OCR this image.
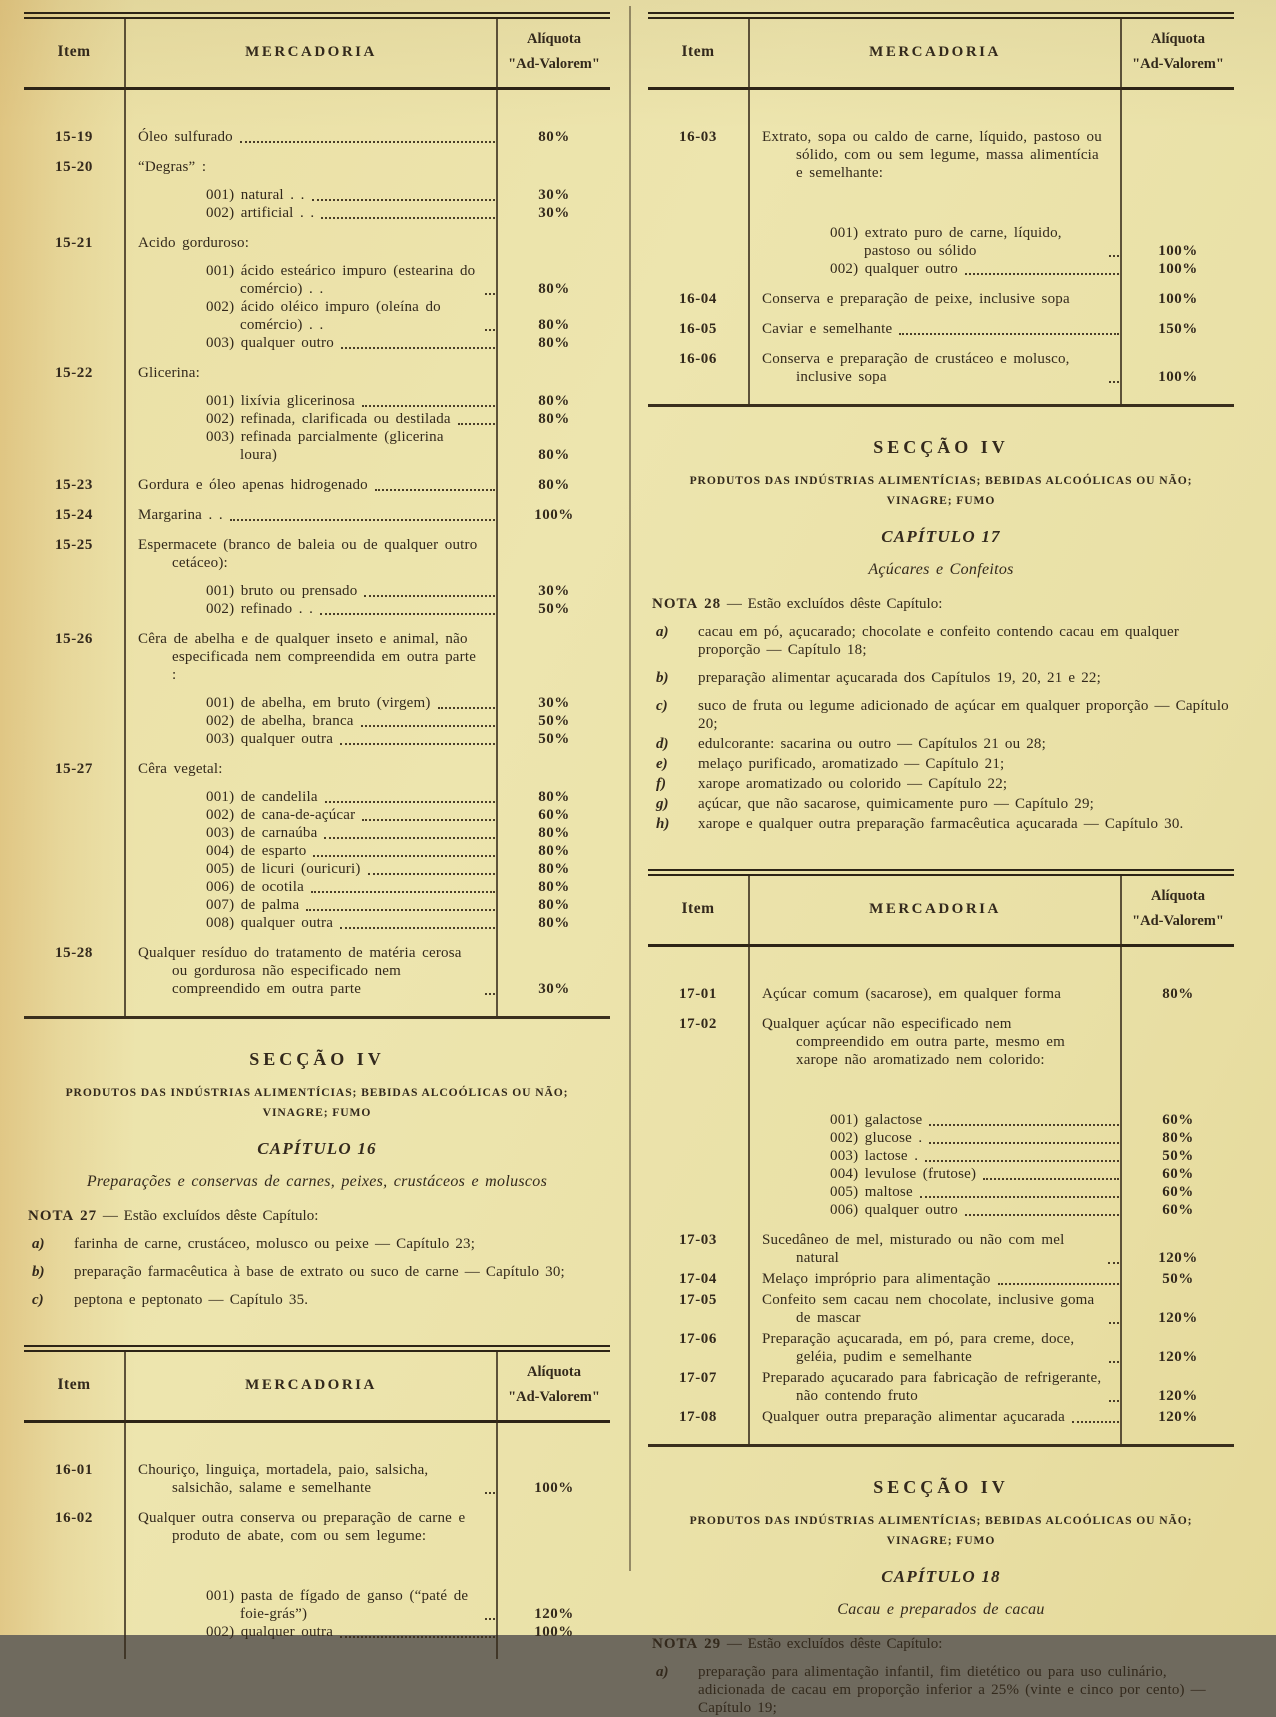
Item	MERCADORIA
Alíquota
"Ad-Valorem"
15-19	Óleo sulfurado	80%
15-20	“Degras” :
001) natural . .	30%
002) artificial . .	30%
15-21	Acido gorduroso:
001) ácido esteárico impuro (estearina do comércio) . .	80%
002) ácido oléico impuro (oleína do comércio) . .	80%
003) qualquer outro	80%
15-22	Glicerina:
001) lixívia glicerinosa	80%
002) refinada, clarificada ou destilada	80%
003) refinada parcialmente (glicerina loura)	80%
15-23	Gordura e óleo apenas hidrogenado	80%
15-24	Margarina . .	100%
15-25	Espermacete (branco de baleia ou de qualquer outro cetáceo):
001) bruto ou prensado	30%
002) refinado . .	50%
15-26	Cêra de abelha e de qualquer inseto e animal, não especificada nem compreendida em outra parte :
001) de abelha, em bruto (virgem)	30%
002) de abelha, branca	50%
003) qualquer outra	50%
15-27	Cêra vegetal:
001) de candelila	80%
002) de cana-de-açúcar	60%
003) de carnaúba	80%
004) de esparto	80%
005) de licuri (ouricuri)	80%
006) de ocotila	80%
007) de palma	80%
008) qualquer outra	80%
15-28	Qualquer resíduo do tratamento de matéria cerosa ou gordurosa não especificado nem compreendido em outra parte	30%
SECÇÃO IV
PRODUTOS DAS INDÚSTRIAS ALIMENTÍCIAS; BEBIDAS ALCOÓLICAS OU NÃO;
VINAGRE; FUMO
CAPÍTULO 16
Preparações e conservas de carnes, peixes, crustáceos e moluscos
NOTA 27 — Estão excluídos dêste Capítulo:
a)	farinha de carne, crustáceo, molusco ou peixe — Capítulo 23;
b)	preparação farmacêutica à base de extrato ou suco de carne — Capítulo 30;
c)	peptona e peptonato — Capítulo 35.
Item	MERCADORIA
Alíquota
"Ad-Valorem"
16-01	Chouriço, linguiça, mortadela, paio, salsicha, salsichão, salame e semelhante	100%
16-02	Qualquer outra conserva ou preparação de carne e produto de abate, com ou sem legume:
001) pasta de fígado de ganso (“paté de foie-grás”)	120%
002) qualquer outra	100%
Item	MERCADORIA
Alíquota
"Ad-Valorem"
16-03	Extrato, sopa ou caldo de carne, líquido, pastoso ou sólido, com ou sem legume, massa alimentícia e semelhante:
001) extrato puro de carne, líquido, pastoso ou sólido	100%
002) qualquer outro	100%
16-04	Conserva e preparação de peixe, inclusive sopa	100%
16-05	Caviar e semelhante	150%
16-06	Conserva e preparação de crustáceo e molusco, inclusive sopa	100%
SECÇÃO IV
PRODUTOS DAS INDÚSTRIAS ALIMENTÍCIAS; BEBIDAS ALCOÓLICAS OU NÃO;
VINAGRE; FUMO
CAPÍTULO 17
Açúcares e Confeitos
NOTA 28 — Estão excluídos dêste Capítulo:
a)	cacau em pó, açucarado; chocolate e confeito contendo cacau em qualquer proporção — Capítulo 18;
b)	preparação alimentar açucarada dos Capítulos 19, 20, 21 e 22;
c)	suco de fruta ou legume adicionado de açúcar em qualquer proporção — Capítulo 20;
d)	edulcorante: sacarina ou outro — Capítulos 21 ou 28;
e)	melaço purificado, aromatizado — Capítulo 21;
f)	xarope aromatizado ou colorido — Capítulo 22;
g)	açúcar, que não sacarose, quimicamente puro — Capítulo 29;
h)	xarope e qualquer outra preparação farmacêutica açucarada — Capítulo 30.
Item	MERCADORIA
Alíquota
"Ad-Valorem"
17-01	Açúcar comum (sacarose), em qualquer forma	80%
17-02	Qualquer açúcar não especificado nem compreendido em outra parte, mesmo em xarope não aromatizado nem colorido:
001) galactose	60%
002) glucose .	80%
003) lactose .	50%
004) levulose (frutose)	60%
005) maltose	60%
006) qualquer outro	60%
17-03	Sucedâneo de mel, misturado ou não com mel natural	120%
17-04	Melaço impróprio para alimentação	50%
17-05	Confeito sem cacau nem chocolate, inclusive goma de mascar	120%
17-06	Preparação açucarada, em pó, para creme, doce, geléia, pudim e semelhante	120%
17-07	Preparado açucarado para fabricação de refrigerante, não contendo fruto	120%
17-08	Qualquer outra preparação alimentar açucarada	120%
SECÇÃO IV
PRODUTOS DAS INDÚSTRIAS ALIMENTÍCIAS; BEBIDAS ALCOÓLICAS OU NÃO;
VINAGRE; FUMO
CAPÍTULO 18
Cacau e preparados de cacau
NOTA 29 — Estão excluídos dêste Capítulo:
a)	preparação para alimentação infantil, fim dietético ou para uso culinário, adicionada de cacau em proporção inferior a 25% (vinte e cinco por cento) — Capítulo 19;
